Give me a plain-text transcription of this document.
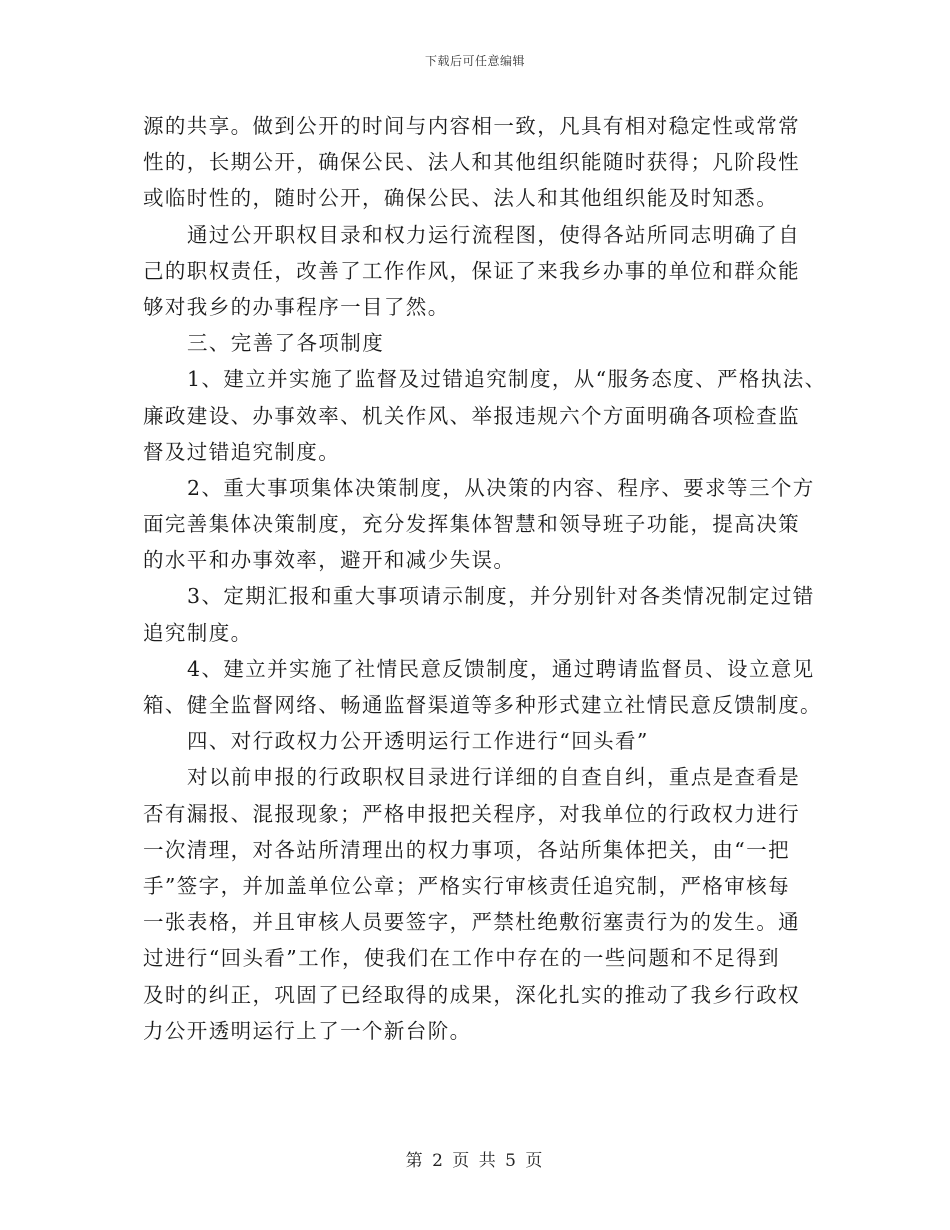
下载后可任意编辑
源的共享。做到公开的时间与内容相一致，凡具有相对稳定性或常常
性的，长期公开，确保公民、法人和其他组织能随时获得；凡阶段性
或临时性的，随时公开，确保公民、法人和其他组织能及时知悉。
通过公开职权目录和权力运行流程图，使得各站所同志明确了自
己的职权责任，改善了工作作风，保证了来我乡办事的单位和群众能
够对我乡的办事程序一目了然。
三、完善了各项制度
1、建立并实施了监督及过错追究制度，从“服务态度、严格执法、
廉政建设、办事效率、机关作风、举报违规六个方面明确各项检查监
督及过错追究制度。
2、重大事项集体决策制度，从决策的内容、程序、要求等三个方
面完善集体决策制度，充分发挥集体智慧和领导班子功能，提高决策
的水平和办事效率，避开和减少失误。
3、定期汇报和重大事项请示制度，并分别针对各类情况制定过错
追究制度。
4、建立并实施了社情民意反馈制度，通过聘请监督员、设立意见
箱、健全监督网络、畅通监督渠道等多种形式建立社情民意反馈制度。
四、对行政权力公开透明运行工作进行“回头看”
对以前申报的行政职权目录进行详细的自查自纠，重点是查看是
否有漏报、混报现象；严格申报把关程序，对我单位的行政权力进行
一次清理，对各站所清理出的权力事项，各站所集体把关，由“一把
手”签字，并加盖单位公章；严格实行审核责任追究制，严格审核每
一张表格，并且审核人员要签字，严禁杜绝敷衍塞责行为的发生。通
过进行“回头看”工作，使我们在工作中存在的一些问题和不足得到
及时的纠正，巩固了已经取得的成果，深化扎实的推动了我乡行政权
力公开透明运行上了一个新台阶。
第 2 页 共 5 页
